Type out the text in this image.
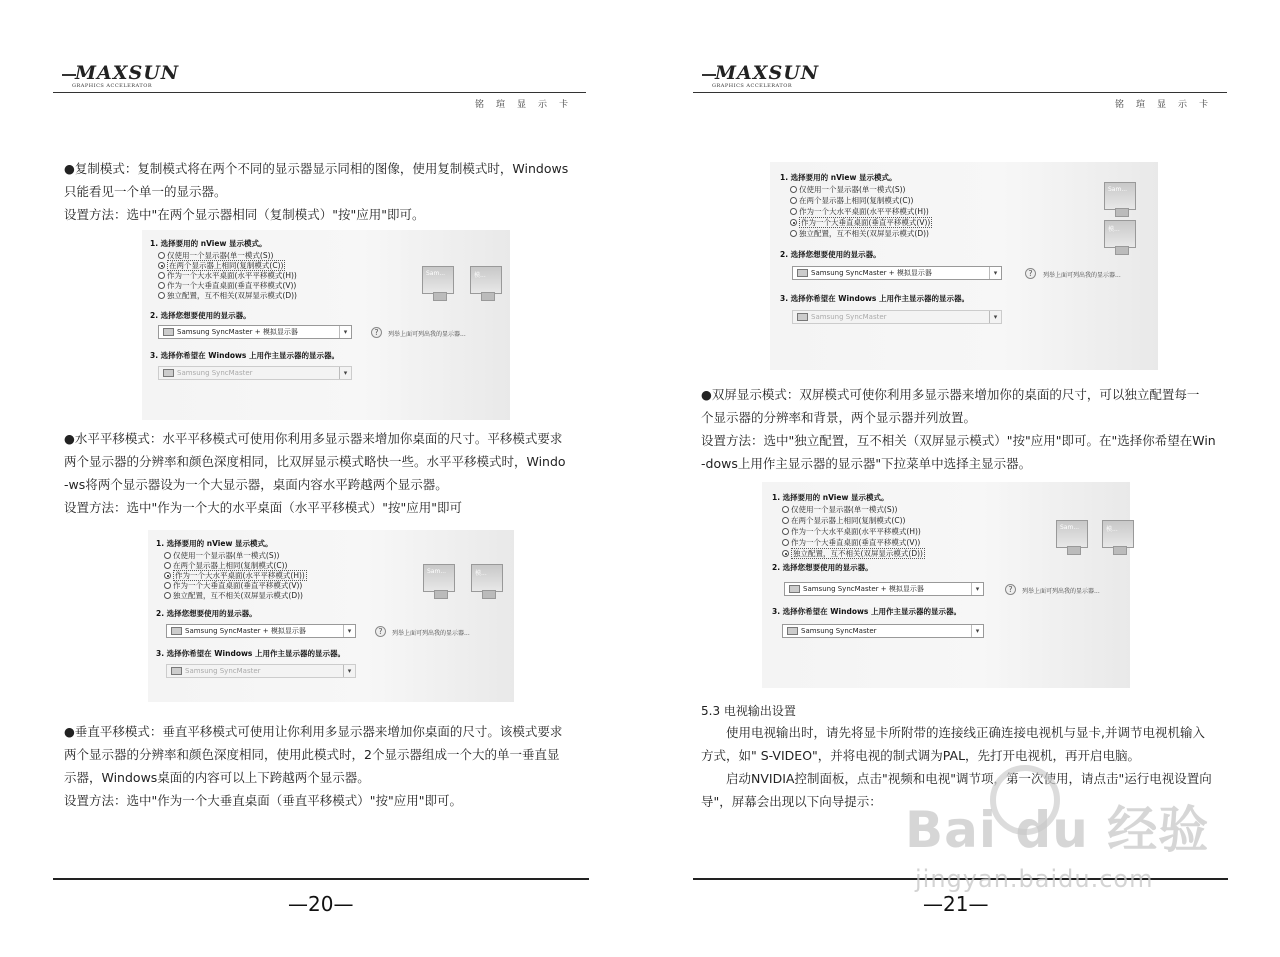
MAXSUN
GRAPHICS ACCELERATOR
铭瑄显示卡
●复制模式：复制模式将在两个不同的显示器显示同相的图像，使用复制模式时，Windows
只能看见一个单一的显示器。
设置方法：选中"在两个显示器相同（复制模式）"按"应用"即可。
1. 选择要用的 nView 显示模式。
仅使用一个显示器(单一模式(S))
在两个显示器上相同(复制模式(C))
作为一个大水平桌面(水平平移模式(H))
作为一个大垂直桌面(垂直平移模式(V))
独立配置，互不相关(双屏显示模式(D))
Sam...	模...
2. 选择您想要使用的显示器。
Samsung SyncMaster + 模拟显示器	▾	?	列举上面可列出我的显示器...
3. 选择你希望在 Windows 上用作主显示器的显示器。
Samsung SyncMaster	▾
●水平平移模式：水平平移模式可使用你利用多显示器来增加你桌面的尺寸。平移模式要求
两个显示器的分辨率和颜色深度相同，比双屏显示模式略快一些。水平平移模式时，Windo
-ws将两个显示器设为一个大显示器，桌面内容水平跨越两个显示器。
设置方法：选中"作为一个大的水平桌面（水平平移模式）"按"应用"即可
1. 选择要用的 nView 显示模式。
仅使用一个显示器(单一模式(S))
在两个显示器上相同(复制模式(C))
作为一个大水平桌面(水平平移模式(H))
作为一个大垂直桌面(垂直平移模式(V))
独立配置，互不相关(双屏显示模式(D))
Sam...	模...
2. 选择您想要使用的显示器。
Samsung SyncMaster + 模拟显示器	▾	?	列举上面可列出我的显示器...
3. 选择你希望在 Windows 上用作主显示器的显示器。
Samsung SyncMaster	▾
●垂直平移模式：垂直平移模式可使用让你利用多显示器来增加你桌面的尺寸。该模式要求
两个显示器的分辨率和颜色深度相同，使用此模式时，2个显示器组成一个大的单一垂直显
示器，Windows桌面的内容可以上下跨越两个显示器。
设置方法：选中"作为一个大垂直桌面（垂直平移模式）"按"应用"即可。
—20—
MAXSUN
GRAPHICS ACCELERATOR
铭瑄显示卡
1. 选择要用的 nView 显示模式。
仅使用一个显示器(单一模式(S))
在两个显示器上相同(复制模式(C))
作为一个大水平桌面(水平平移模式(H))
作为一个大垂直桌面(垂直平移模式(V))
独立配置，互不相关(双屏显示模式(D))
Sam...
模...
2. 选择您想要使用的显示器。
Samsung SyncMaster + 模拟显示器	▾	?	列举上面可列出我的显示器...
3. 选择你希望在 Windows 上用作主显示器的显示器。
Samsung SyncMaster	▾
●双屏显示模式：双屏模式可使你利用多显示器来增加你的桌面的尺寸，可以独立配置每一
个显示器的分辨率和背景，两个显示器并列放置。
设置方法：选中"独立配置，互不相关（双屏显示模式）"按"应用"即可。在"选择你希望在Win
-dows上用作主显示器的显示器"下拉菜单中选择主显示器。
1. 选择要用的 nView 显示模式。
仅使用一个显示器(单一模式(S))
在两个显示器上相同(复制模式(C))
作为一个大水平桌面(水平平移模式(H))
作为一个大垂直桌面(垂直平移模式(V))
独立配置，互不相关(双屏显示模式(D))
Sam...	模...
2. 选择您想要使用的显示器。
Samsung SyncMaster + 模拟显示器	▾	?	列举上面可列出我的显示器...
3. 选择你希望在 Windows 上用作主显示器的显示器。
Samsung SyncMaster	▾
5.3 电视输出设置
使用电视输出时，请先将显卡所附带的连接线正确连接电视机与显卡,并调节电视机输入
方式，如" S-VIDEO"，并将电视的制式调为PAL，先打开电视机，再开启电脑。
启动NVIDIA控制面板，点击"视频和电视"调节项，第一次使用，请点击"运行电视设置向
导"，屏幕会出现以下向导提示：
—21—
Bai du 经验
jingyan.baidu.com
